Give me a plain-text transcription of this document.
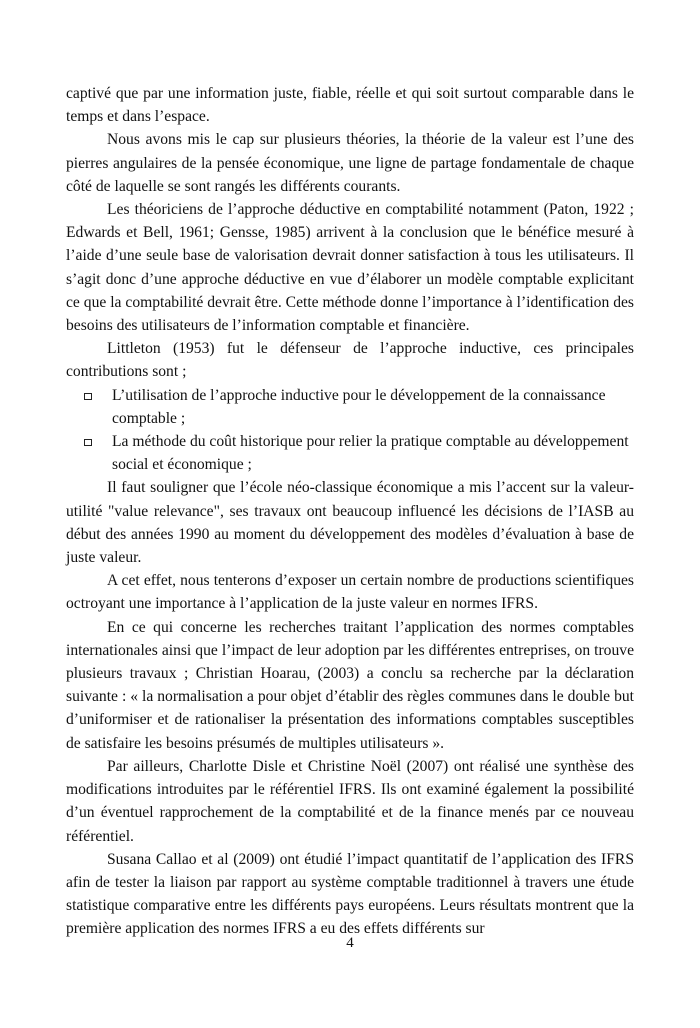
captivé que par une information juste, fiable, réelle et qui soit surtout comparable dans le temps et dans l’espace.

Nous avons mis le cap sur plusieurs théories, la théorie de la valeur est l’une des pierres angulaires de la pensée économique, une ligne de partage fondamentale de chaque côté de laquelle se sont rangés les différents courants.

Les théoriciens de l’approche déductive en comptabilité notamment (Paton, 1922 ; Edwards et Bell, 1961; Gensse, 1985) arrivent à la conclusion que le bénéfice mesuré à l’aide d’une seule base de valorisation devrait donner satisfaction à tous les utilisateurs. Il s’agit donc d’une approche déductive en vue d’élaborer un modèle comptable explicitant ce que la comptabilité devrait être. Cette méthode donne l’importance à l’identification des besoins des utilisateurs de l’information comptable et financière.

Littleton (1953) fut le défenseur de l’approche inductive, ces principales contributions sont ;

L’utilisation de l’approche inductive pour le développement de la connaissance comptable ;
La méthode du coût historique pour relier la pratique comptable au développement social et économique ;

Il faut souligner que l’école néo-classique économique a mis l’accent sur la valeur-utilité "value relevance", ses travaux ont beaucoup influencé les décisions de l’IASB au début des années 1990 au moment du développement des modèles d’évaluation à base de juste valeur.

A cet effet, nous tenterons d’exposer un certain nombre de productions scientifiques octroyant une importance à l’application de la juste valeur en normes IFRS.

En ce qui concerne les recherches traitant l’application des normes comptables internationales ainsi que l’impact de leur adoption par les différentes entreprises, on trouve plusieurs travaux ; Christian Hoarau, (2003) a conclu sa recherche par la déclaration suivante : « la normalisation a pour objet d’établir des règles communes dans le double but d’uniformiser et de rationaliser la présentation des informations comptables susceptibles de satisfaire les besoins présumés de multiples utilisateurs ».

Par ailleurs, Charlotte Disle et Christine Noël (2007) ont réalisé une synthèse des modifications introduites par le référentiel IFRS. Ils ont examiné également la possibilité d’un éventuel rapprochement de la comptabilité et de la finance menés par ce nouveau référentiel.

Susana Callao et al (2009) ont étudié l’impact quantitatif de l’application des IFRS afin de tester la liaison par rapport au système comptable traditionnel à travers une étude statistique comparative entre les différents pays européens. Leurs résultats montrent que la première application des normes IFRS a eu des effets différents sur

4
